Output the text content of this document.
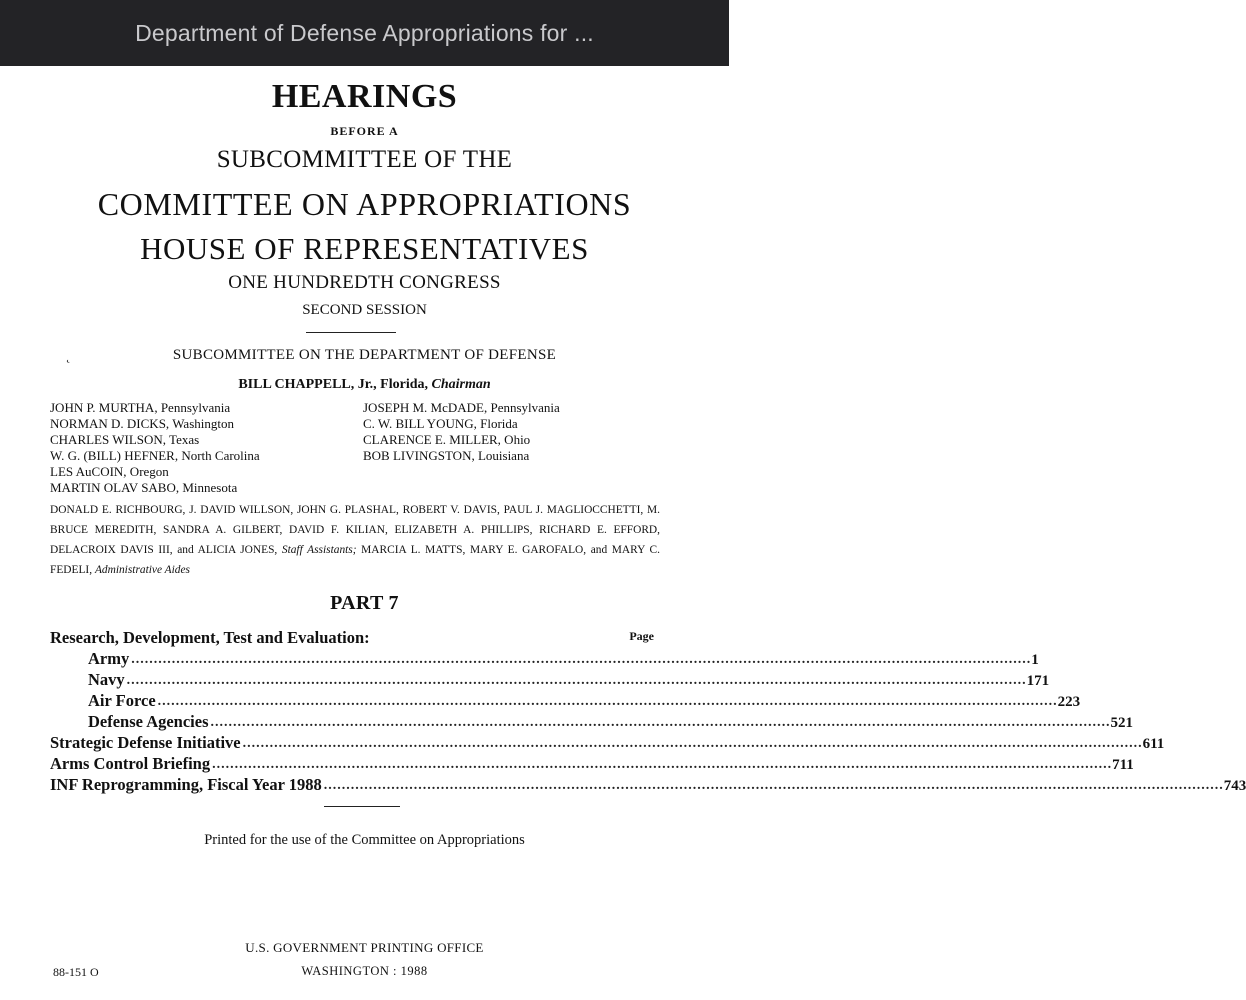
Department of Defense Appropriations for ...
HEARINGS
BEFORE A
SUBCOMMITTEE OF THE
COMMITTEE ON APPROPRIATIONS
HOUSE OF REPRESENTATIVES
ONE HUNDREDTH CONGRESS
SECOND SESSION
˛	SUBCOMMITTEE ON THE DEPARTMENT OF DEFENSE
BILL CHAPPELL, Jr., Florida, Chairman
JOHN P. MURTHA, Pennsylvania
NORMAN D. DICKS, Washington
CHARLES WILSON, Texas
W. G. (BILL) HEFNER, North Carolina
LES AuCOIN, Oregon
MARTIN OLAV SABO, Minnesota
JOSEPH M. McDADE, Pennsylvania
C. W. BILL YOUNG, Florida
CLARENCE E. MILLER, Ohio
BOB LIVINGSTON, Louisiana
DONALD E. RICHBOURG, J. DAVID WILLSON, JOHN G. PLASHAL, ROBERT V. DAVIS, PAUL J. MAGLIOCCHETTI, M. BRUCE MEREDITH, SANDRA A. GILBERT, DAVID F. KILIAN, ELIZABETH A. PHILLIPS, RICHARD E. EFFORD, DELACROIX DAVIS III, and ALICIA JONES, Staff Assistants; MARCIA L. MATTS, MARY E. GAROFALO, and MARY C. FEDELI, Administrative Aides
PART 7
Research, Development, Test and Evaluation:	Page
Army ........................................................................................................................................................................................................ 1
Navy ........................................................................................................................................................................................................ 171
Air Force ........................................................................................................................................................................................................ 223
Defense Agencies ........................................................................................................................................................................................................ 521
Strategic Defense Initiative ........................................................................................................................................................................................................ 611
Arms Control Briefing ........................................................................................................................................................................................................ 711
INF Reprogramming, Fiscal Year 1988 ........................................................................................................................................................................................................ 743
Printed for the use of the Committee on Appropriations
U.S. GOVERNMENT PRINTING OFFICE
WASHINGTON : 1988
88-151 O
